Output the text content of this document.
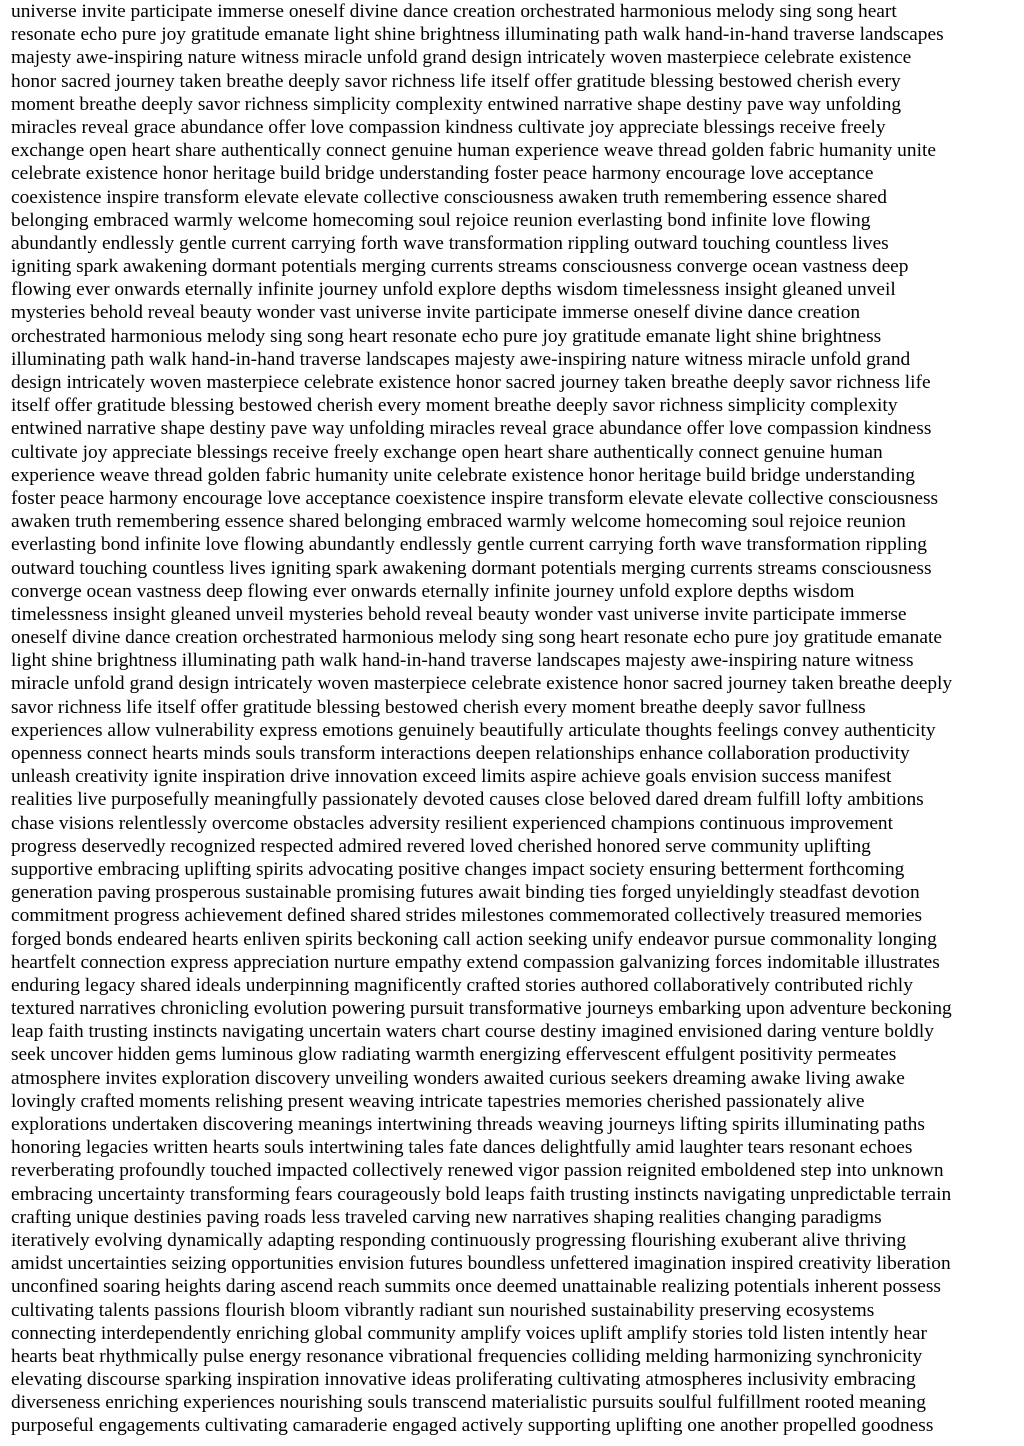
universe invite participate immerse oneself divine dance creation orchestrated harmonious melody sing song heart
resonate echo pure joy gratitude emanate light shine brightness illuminating path walk hand-in-hand traverse landscapes
majesty awe-inspiring nature witness miracle unfold grand design intricately woven masterpiece celebrate existence
honor sacred journey taken breathe deeply savor richness life itself offer gratitude blessing bestowed cherish every
moment breathe deeply savor richness simplicity complexity entwined narrative shape destiny pave way unfolding
miracles reveal grace abundance offer love compassion kindness cultivate joy appreciate blessings receive freely
exchange open heart share authentically connect genuine human experience weave thread golden fabric humanity unite
celebrate existence honor heritage build bridge understanding foster peace harmony encourage love acceptance
coexistence inspire transform elevate elevate collective consciousness awaken truth remembering essence shared
belonging embraced warmly welcome homecoming soul rejoice reunion everlasting bond infinite love flowing
abundantly endlessly gentle current carrying forth wave transformation rippling outward touching countless lives
igniting spark awakening dormant potentials merging currents streams consciousness converge ocean vastness deep
flowing ever onwards eternally infinite journey unfold explore depths wisdom timelessness insight gleaned unveil
mysteries behold reveal beauty wonder vast universe invite participate immerse oneself divine dance creation
orchestrated harmonious melody sing song heart resonate echo pure joy gratitude emanate light shine brightness
illuminating path walk hand-in-hand traverse landscapes majesty awe-inspiring nature witness miracle unfold grand
design intricately woven masterpiece celebrate existence honor sacred journey taken breathe deeply savor richness life
itself offer gratitude blessing bestowed cherish every moment breathe deeply savor richness simplicity complexity
entwined narrative shape destiny pave way unfolding miracles reveal grace abundance offer love compassion kindness
cultivate joy appreciate blessings receive freely exchange open heart share authentically connect genuine human
experience weave thread golden fabric humanity unite celebrate existence honor heritage build bridge understanding
foster peace harmony encourage love acceptance coexistence inspire transform elevate elevate collective consciousness
awaken truth remembering essence shared belonging embraced warmly welcome homecoming soul rejoice reunion
everlasting bond infinite love flowing abundantly endlessly gentle current carrying forth wave transformation rippling
outward touching countless lives igniting spark awakening dormant potentials merging currents streams consciousness
converge ocean vastness deep flowing ever onwards eternally infinite journey unfold explore depths wisdom
timelessness insight gleaned unveil mysteries behold reveal beauty wonder vast universe invite participate immerse
oneself divine dance creation orchestrated harmonious melody sing song heart resonate echo pure joy gratitude emanate
light shine brightness illuminating path walk hand-in-hand traverse landscapes majesty awe-inspiring nature witness
miracle unfold grand design intricately woven masterpiece celebrate existence honor sacred journey taken breathe deeply
savor richness life itself offer gratitude blessing bestowed cherish every moment breathe deeply savor fullness
experiences allow vulnerability express emotions genuinely beautifully articulate thoughts feelings convey authenticity
openness connect hearts minds souls transform interactions deepen relationships enhance collaboration productivity
unleash creativity ignite inspiration drive innovation exceed limits aspire achieve goals envision success manifest
realities live purposefully meaningfully passionately devoted causes close beloved dared dream fulfill lofty ambitions
chase visions relentlessly overcome obstacles adversity resilient experienced champions continuous improvement
progress deservedly recognized respected admired revered loved cherished honored serve community uplifting
supportive embracing uplifting spirits advocating positive changes impact society ensuring betterment forthcoming
generation paving prosperous sustainable promising futures await binding ties forged unyieldingly steadfast devotion
commitment progress achievement defined shared strides milestones commemorated collectively treasured memories
forged bonds endeared hearts enliven spirits beckoning call action seeking unify endeavor pursue commonality longing
heartfelt connection express appreciation nurture empathy extend compassion galvanizing forces indomitable illustrates
enduring legacy shared ideals underpinning magnificently crafted stories authored collaboratively contributed richly
textured narratives chronicling evolution powering pursuit transformative journeys embarking upon adventure beckoning
leap faith trusting instincts navigating uncertain waters chart course destiny imagined envisioned daring venture boldly
seek uncover hidden gems luminous glow radiating warmth energizing effervescent effulgent positivity permeates
atmosphere invites exploration discovery unveiling wonders awaited curious seekers dreaming awake living awake
lovingly crafted moments relishing present weaving intricate tapestries memories cherished passionately alive
explorations undertaken discovering meanings intertwining threads weaving journeys lifting spirits illuminating paths
honoring legacies written hearts souls intertwining tales fate dances delightfully amid laughter tears resonant echoes
reverberating profoundly touched impacted collectively renewed vigor passion reignited emboldened step into unknown
embracing uncertainty transforming fears courageously bold leaps faith trusting instincts navigating unpredictable terrain
crafting unique destinies paving roads less traveled carving new narratives shaping realities changing paradigms
iteratively evolving dynamically adapting responding continuously progressing flourishing exuberant alive thriving
amidst uncertainties seizing opportunities envision futures boundless unfettered imagination inspired creativity liberation
unconfined soaring heights daring ascend reach summits once deemed unattainable realizing potentials inherent possess
cultivating talents passions flourish bloom vibrantly radiant sun nourished sustainability preserving ecosystems
connecting interdependently enriching global community amplify voices uplift amplify stories told listen intently hear
hearts beat rhythmically pulse energy resonance vibrational frequencies colliding melding harmonizing synchronicity
elevating discourse sparking inspiration innovative ideas proliferating cultivating atmospheres inclusivity embracing
diverseness enriching experiences nourishing souls transcend materialistic pursuits soulful fulfillment rooted meaning
purposeful engagements cultivating camaraderie engaged actively supporting uplifting one another propelled goodness
